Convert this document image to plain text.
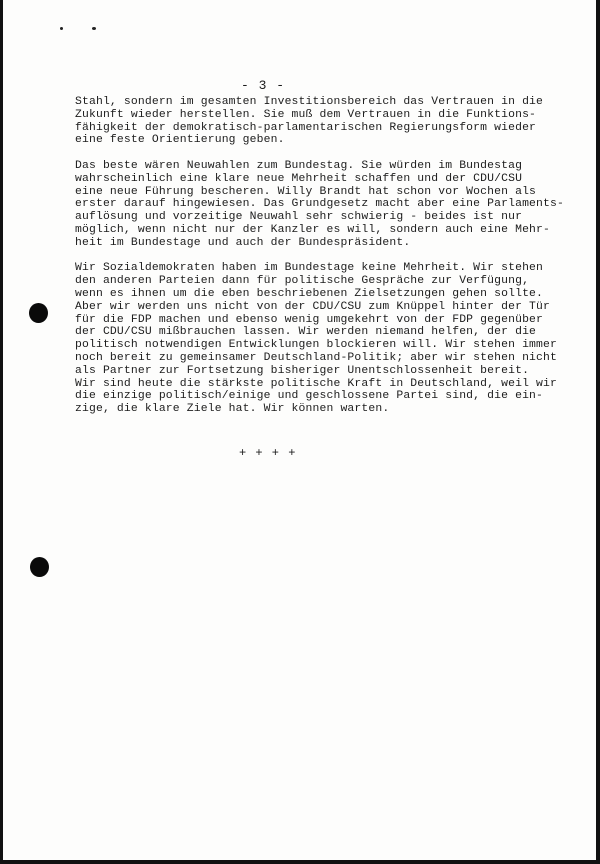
- 3 -
Stahl, sondern im gesamten Investitionsbereich das Vertrauen in die
Zukunft wieder herstellen. Sie muß dem Vertrauen in die Funktions-
fähigkeit der demokratisch-parlamentarischen Regierungsform wieder
eine feste Orientierung geben.
Das beste wären Neuwahlen zum Bundestag. Sie würden im Bundestag
wahrscheinlich eine klare neue Mehrheit schaffen und der CDU/CSU
eine neue Führung bescheren. Willy Brandt hat schon vor Wochen als
erster darauf hingewiesen. Das Grundgesetz macht aber eine Parlaments-
auflösung und vorzeitige Neuwahl sehr schwierig - beides ist nur
möglich, wenn nicht nur der Kanzler es will, sondern auch eine Mehr-
heit im Bundestage und auch der Bundespräsident.
Wir Sozialdemokraten haben im Bundestage keine Mehrheit. Wir stehen
den anderen Parteien dann für politische Gespräche zur Verfügung,
wenn es ihnen um die eben beschriebenen Zielsetzungen gehen sollte.
Aber wir werden uns nicht von der CDU/CSU zum Knüppel hinter der Tür
für die FDP machen und ebenso wenig umgekehrt von der FDP gegenüber
der CDU/CSU mißbrauchen lassen. Wir werden niemand helfen, der die
politisch notwendigen Entwicklungen blockieren will. Wir stehen immer
noch bereit zu gemeinsamer Deutschland-Politik; aber wir stehen nicht
als Partner zur Fortsetzung bisheriger Unentschlossenheit bereit.
Wir sind heute die stärkste politische Kraft in Deutschland, weil wir
die einzige politisch/einige und geschlossene Partei sind, die ein-
zige, die klare Ziele hat. Wir können warten.
+ + + +
